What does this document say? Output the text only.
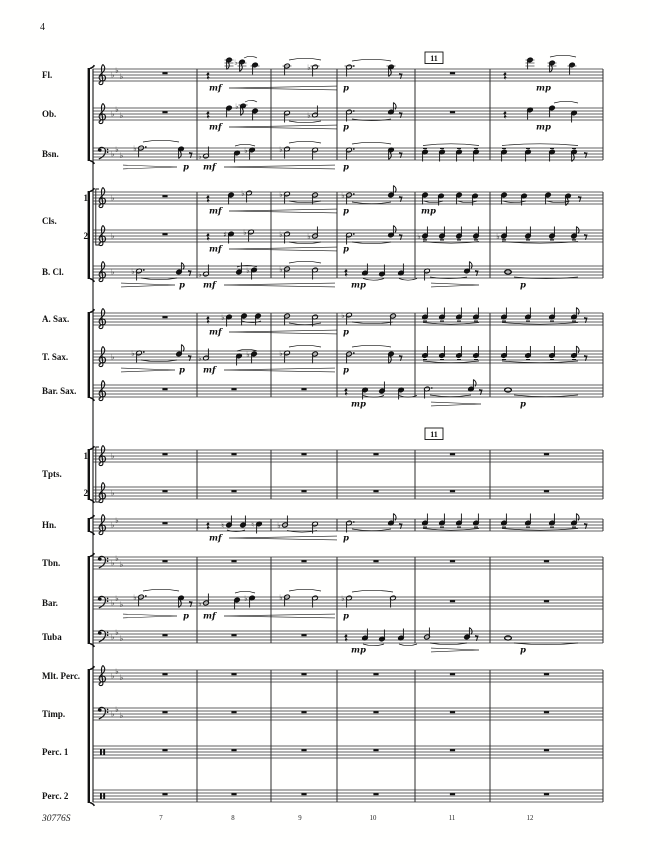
4
30776S
♭ ♭
♭
♭
mf
♭
p	mp
Fl.
♭ ♭
♭
♭
mf
♭
p	mp
Ob.
♭ ♭
♭
♭
p
♭
♭
mf
♭
p
Bsn.
♭
♭
mf
♭	♭
p	mp
1
♭	♯ ♭
mf
♭	♭
p
♭	♭
2
♭ ♭
p
♭	♭
mf
♭
mp	p
B. Cl.
♭
mf
♭
p
A. Sax.
♭ ♭
p
♭	♭
mf
♭
p
T. Sax.
mp	p
Bar. Sax.
♭
1
♭
2
♭ ♭
♮	♮
mf
♭
p
Hn.
♭ ♭
♭
Tbn.
♭ ♭
♭
♭
p
♭
♭
mf
♭	♭
p
Bar.
♭ ♭
♭
mp	p
Tuba
♭ ♭
♭
Mlt. Perc.
♭ ♭
♭
Timp.
Perc. 1
Perc. 2
Cls.
Tpts.
11
11
7	8	9	10	11	12
